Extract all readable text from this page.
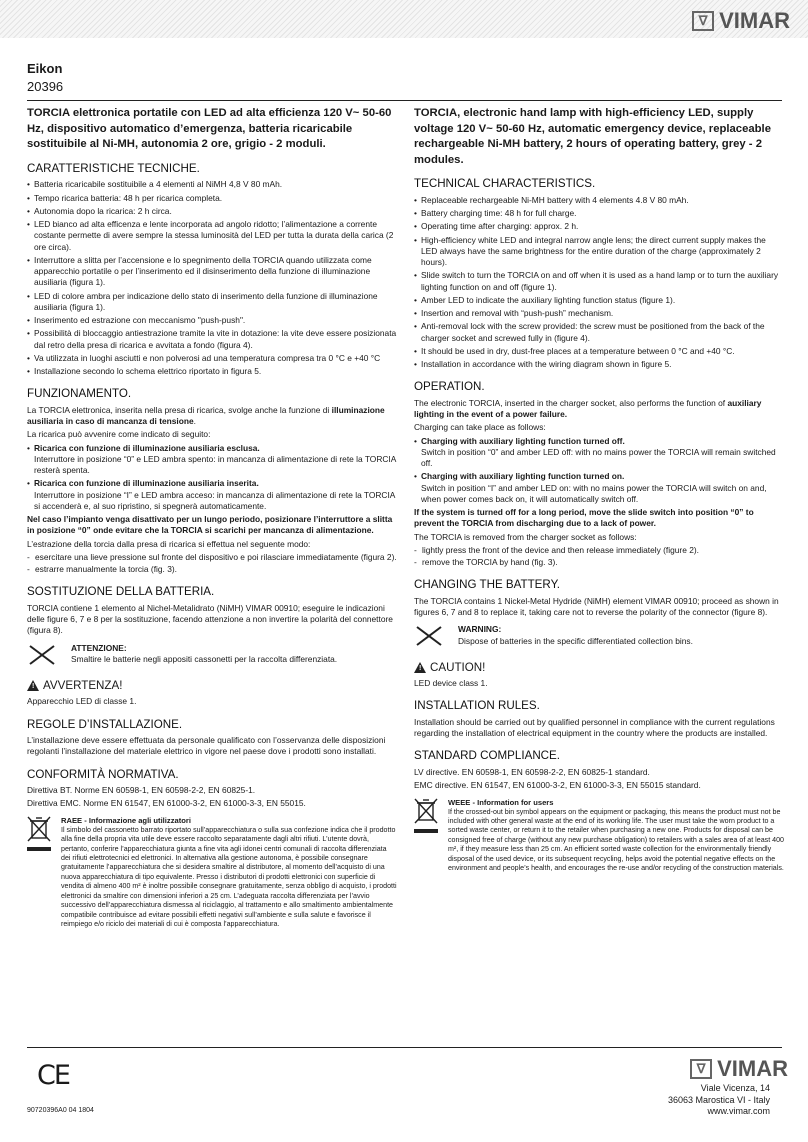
∇ VIMAR
Eikon
20396
TORCIA elettronica portatile con LED ad alta efficienza 120 V~ 50-60 Hz, dispositivo automatico d’emergenza, batteria ricaricabile sostituibile al Ni-MH, autonomia 2 ore, grigio - 2 moduli.
CARATTERISTICHE TECNICHE.
• Batteria ricaricabile sostituibile a 4 elementi al NiMH 4,8 V 80 mAh.
• Tempo ricarica batteria: 48 h per ricarica completa.
• Autonomia dopo la ricarica: 2 h circa.
• LED bianco ad alta efficenza e lente incorporata ad angolo ridotto; l’alimentazione a corrente costante permette di avere sempre la stessa luminosità del LED per tutta la durata della carica (2 ore circa).
• Interruttore a slitta per l’accensione e lo spegnimento della TORCIA quando utilizzata come apparecchio portatile o per l’inserimento ed il disinserimento della funzione di illuminazione ausiliaria (figura 1).
• LED di colore ambra per indicazione dello stato di inserimento della funzione di illuminazione ausiliaria (figura 1).
• Inserimento ed estrazione con meccanismo "push-push".
• Possibilità di bloccaggio antiestrazione tramite la vite in dotazione: la vite deve essere posizionata dal retro della presa di ricarica e avvitata a fondo (figura 4).
• Va utilizzata in luoghi asciutti e non polverosi ad una temperatura compresa tra 0 °C e +40 °C
• Installazione secondo lo schema elettrico riportato in figura 5.
FUNZIONAMENTO.

La TORCIA elettronica, inserita nella presa di ricarica, svolge anche la funzione di illuminazione ausiliaria in caso di mancanza di tensione.

La ricarica può avvenire come indicato di seguito:

• Ricarica con funzione di illuminazione ausiliaria esclusa.
Interruttore in posizione “0” e LED ambra spento: in mancanza di alimentazione di rete la TORCIA resterà spenta.
• Ricarica con funzione di illuminazione ausiliaria inserita.
Interruttore in posizione “I” e LED ambra acceso: in mancanza di alimentazione di rete la TORCIA si accenderà e, al suo ripristino, si spegnerà automaticamente.

Nel caso l’impianto venga disattivato per un lungo periodo, posizionare l’interruttore a slitta in posizione “0” onde evitare che la TORCIA si scarichi per mancanza di alimentazione.

L’estrazione della torcia dalla presa di ricarica si effettua nel seguente modo:

- esercitare una lieve pressione sul fronte del dispositivo e poi rilasciare immediatamente (figura 2).
- estrarre manualmente la torcia (fig. 3).
SOSTITUZIONE DELLA BATTERIA.

TORCIA contiene 1 elemento al Nichel-Metalidrato (NiMH) VIMAR 00910; eseguire le indicazioni delle figure 6, 7 e 8 per la sostituzione, facendo attenzione a non invertire la polarità del connettore (figura 8).

ATTENZIONE:
Smaltire le batterie negli appositi cassonetti per la raccolta differenziata.
! AVVERTENZA!

Apparecchio LED di classe 1.

REGOLE D’INSTALLAZIONE.

L’installazione deve essere effettuata da personale qualificato con l’osservanza delle disposizioni regolanti l’installazione del materiale elettrico in vigore nel paese dove i prodotti sono installati.

CONFORMITÀ NORMATIVA.

Direttiva BT. Norme EN 60598-1, EN 60598-2-2, EN 60825-1.

Direttiva EMC. Norme EN 61547, EN 61000-3-2, EN 61000-3-3, EN 55015.

RAEE - Informazione agli utilizzatori
Il simbolo del cassonetto barrato riportato sull’apparecchiatura o sulla sua confezione indica che il prodotto alla fine della propria vita utile deve essere raccolto separatamente dagli altri rifiuti. L’utente dovrà, pertanto, conferire l’apparecchiatura giunta a fine vita agli idonei centri comunali di raccolta differenziata dei rifiuti elettrotecnici ed elettronici. In alternativa alla gestione autonoma, è possibile consegnare gratuitamente l’apparecchiatura che si desidera smaltire al distributore, al momento dell’acquisto di una nuova apparecchiatura di tipo equivalente. Presso i distributori di prodotti elettronici con superficie di vendita di almeno 400 m² è inoltre possibile consegnare gratuitamente, senza obbligo di acquisto, i prodotti elettronici da smaltire con dimensioni inferiori a 25 cm. L’adeguata raccolta differenziata per l’avvio successivo dell’apparecchiatura dismessa al riciclaggio, al trattamento e allo smaltimento ambientalmente compatibile contribuisce ad evitare possibili effetti negativi sull’ambiente e sulla salute e favorisce il reimpiego e/o riciclo dei materiali di cui è composta l’apparecchiatura.
TORCIA, electronic hand lamp with high-efficiency LED, supply voltage 120 V~ 50-60 Hz, automatic emergency device, replaceable rechargeable Ni-MH battery, 2 hours of operating battery, grey - 2 modules.
TECHNICAL CHARACTERISTICS.
• Replaceable rechargeable Ni-MH battery with 4 elements 4.8 V 80 mAh.
• Battery charging time: 48 h for full charge.
• Operating time after charging: approx. 2 h.
• High-efficiency white LED and integral narrow angle lens; the direct current supply makes the LED always have the same brightness for the entire duration of the charge (approximately 2 hours).
• Slide switch to turn the TORCIA on and off when it is used as a hand lamp or to turn the auxiliary lighting function on and off (figure 1).
• Amber LED to indicate the auxiliary lighting function status (figure 1).
• Insertion and removal with “push-push” mechanism.
• Anti-removal lock with the screw provided: the screw must be positioned from the back of the charger socket and screwed fully in (figure 4).
• It should be used in dry, dust-free places at a temperature between 0 °C and +40 °C.
• Installation in accordance with the wiring diagram shown in figure 5.
OPERATION.

The electronic TORCIA, inserted in the charger socket, also performs the function of auxiliary lighting in the event of a power failure.

Charging can take place as follows:

• Charging with auxiliary lighting function turned off.
Switch in position “0” and amber LED off: with no mains power the TORCIA will remain switched off.
• Charging with auxiliary lighting function turned on.
Switch in position “I” and amber LED on: with no mains power the TORCIA will switch on and, when power comes back on, it will automatically switch off.

If the system is turned off for a long period, move the slide switch into position “0” to prevent the TORCIA from discharging due to a lack of power.

The TORCIA is removed from the charger socket as follows:

- lightly press the front of the device and then release immediately (figure 2).
- remove the TORCIA by hand (fig. 3).
CHANGING THE BATTERY.

The TORCIA contains 1 Nickel-Metal Hydride (NiMH) element VIMAR 00910; proceed as shown in figures 6, 7 and 8 to replace it, taking care not to reverse the polarity of the connector (figure 8).

WARNING:
Dispose of batteries in the specific differentiated collection bins.
! CAUTION!

LED device class 1.

INSTALLATION RULES.

Installation should be carried out by qualified personnel in compliance with the current regulations regarding the installation of electrical equipment in the country where the products are installed.

STANDARD COMPLIANCE.

LV directive. EN 60598-1, EN 60598-2-2, EN 60825-1 standard.

EMC directive. EN 61547, EN 61000-3-2, EN 61000-3-3, EN 55015 standard.

WEEE - Information for users
If the crossed-out bin symbol appears on the equipment or packaging, this means the product must not be included with other general waste at the end of its working life. The user must take the worn product to a sorted waste center, or return it to the retailer when purchasing a new one. Products for disposal can be consigned free of charge (without any new purchase obligation) to retailers with a sales area of at least 400 m², if they measure less than 25 cm. An efficient sorted waste collection for the environmentally friendly disposal of the used device, or its subsequent recycling, helps avoid the potential negative effects on the environment and people’s health, and encourages the re-use and/or recycling of the construction materials.
CE
90720396A0 04 1804
∇ VIMAR
Viale Vicenza, 14
36063 Marostica VI - Italy
www.vimar.com
